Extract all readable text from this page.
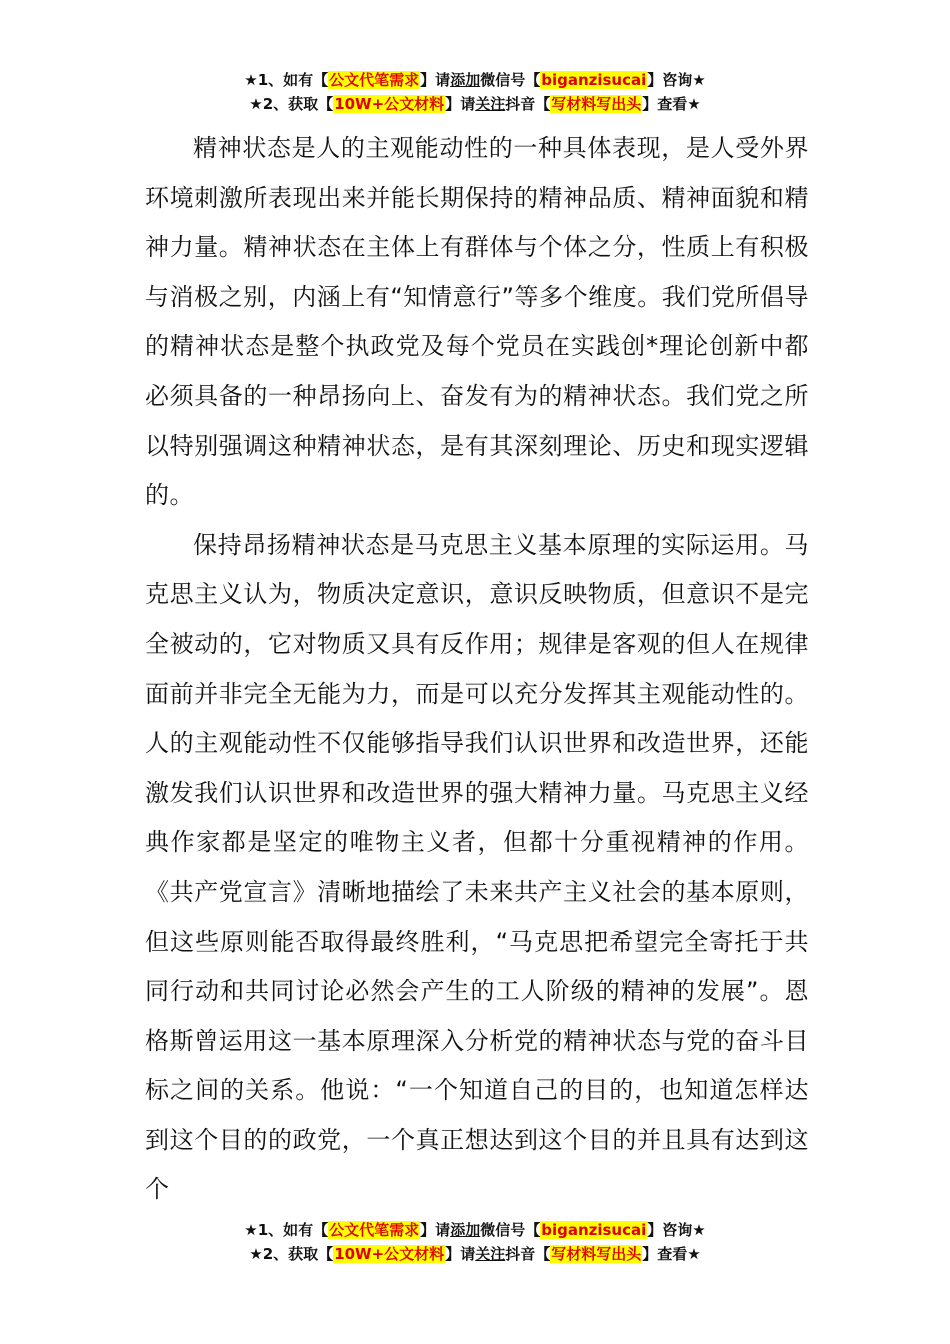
★1、如有【公文代笔需求】请添加微信号【biganzisucai】咨询★
★2、获取【10W+公文材料】请关注抖音【写材料写出头】查看★

精神状态是人的主观能动性的一种具体表现，是人受外界环境刺激所表现出来并能长期保持的精神品质、精神面貌和精神力量。精神状态在主体上有群体与个体之分，性质上有积极与消极之别，内涵上有“知情意行”等多个维度。我们党所倡导的精神状态是整个执政党及每个党员在实践创*理论创新中都必须具备的一种昂扬向上、奋发有为的精神状态。我们党之所以特别强调这种精神状态，是有其深刻理论、历史和现实逻辑的。

保持昂扬精神状态是马克思主义基本原理的实际运用。马克思主义认为，物质决定意识，意识反映物质，但意识不是完全被动的，它对物质又具有反作用；规律是客观的但人在规律面前并非完全无能为力，而是可以充分发挥其主观能动性的。人的主观能动性不仅能够指导我们认识世界和改造世界，还能激发我们认识世界和改造世界的强大精神力量。马克思主义经典作家都是坚定的唯物主义者，但都十分重视精神的作用。《共产党宣言》清晰地描绘了未来共产主义社会的基本原则，但这些原则能否取得最终胜利，“马克思把希望完全寄托于共同行动和共同讨论必然会产生的工人阶级的精神的发展”。恩格斯曾运用这一基本原理深入分析党的精神状态与党的奋斗目标之间的关系。他说：“一个知道自己的目的，也知道怎样达到这个目的的政党，一个真正想达到这个目的并且具有达到这个

★1、如有【公文代笔需求】请添加微信号【biganzisucai】咨询★
★2、获取【10W+公文材料】请关注抖音【写材料写出头】查看★
